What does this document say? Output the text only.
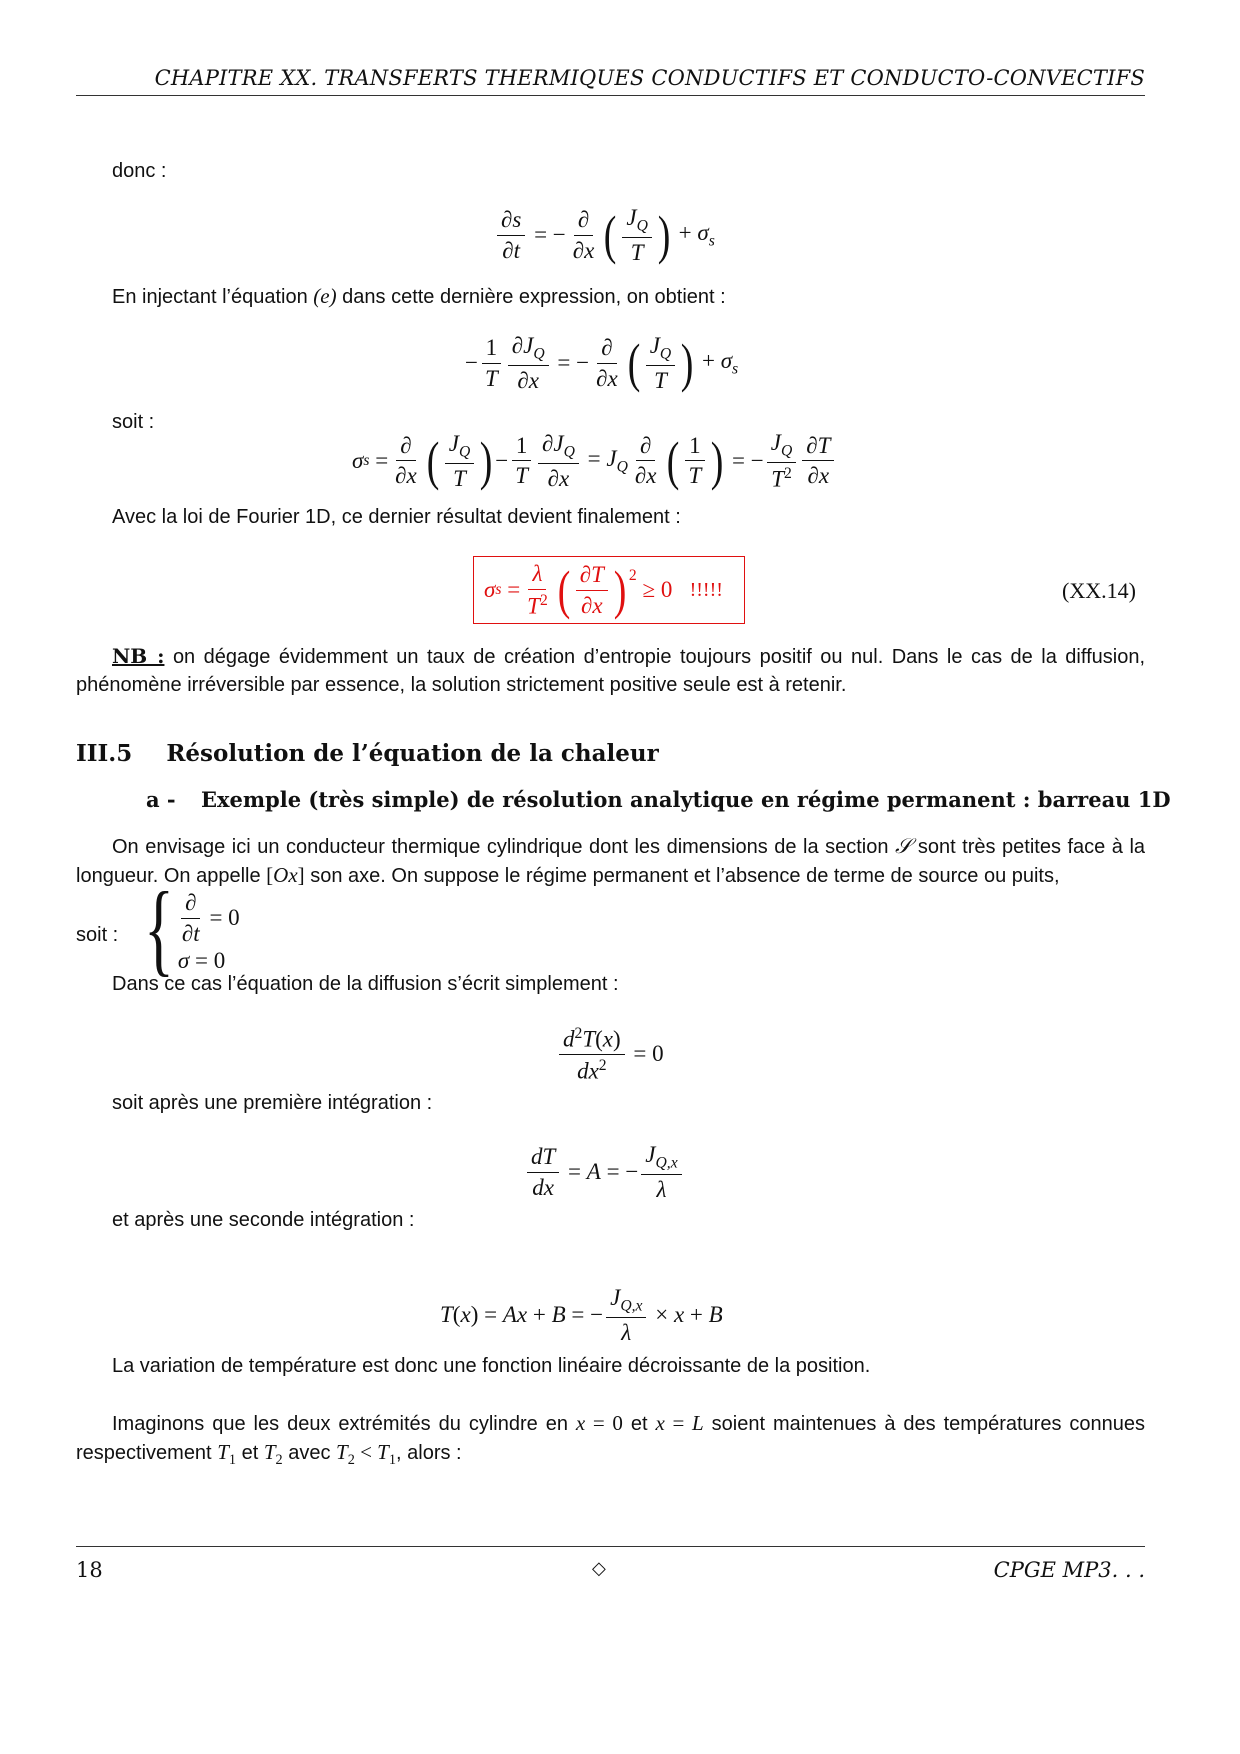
CHAPITRE XX. TRANSFERTS THERMIQUES CONDUCTIFS ET CONDUCTO-CONVECTIFS
donc :
$\frac{\partial s}{\partial t}$ = − $\frac{\partial}{\partial x}$ ( $\frac{J_Q}{T}$ ) + $\sigma_s$
En injectant l’équation (e) dans cette dernière expression, on obtient :
− $\frac{1}{T} \frac{\partial J_Q}{\partial x}$ = − $\frac{\partial}{\partial x}$ ( $\frac{J_Q}{T}$ ) + $\sigma_s$
soit :
σ $s = \frac{\partial}{\partial x}$ ( $\frac{J_Q}{T}$ ) − $\frac{1}{T} \frac{\partial J_Q}{\partial x} = J_Q \frac{\partial}{\partial x}$ ( $\frac{1}{T}$ ) = − $\frac{J_Q}{T^2} \frac{\partial T}{\partial x}$
Avec la loi de Fourier 1D, ce dernier résultat devient finalement :
σ $s = \frac{\lambda}{T^2}$ ( $\frac{\partial T}{\partial x} )^2$
≥ 0 !!!!!	(XX.14)
NB : on dégage évidemment un taux de création d’entropie toujours positif ou nul. Dans le cas de la diffusion, phénomène irréversible par essence, la solution strictement positive seule est à retenir.
III.5 Résolution de l’équation de la chaleur
a - Exemple (très simple) de résolution analytique en régime permanent : barreau 1D
On envisage ici un conducteur thermique cylindrique dont les dimensions de la section 𝒮 sont très petites face à la longueur. On appelle [Ox] son axe. On suppose le régime permanent et l’absence de terme de source ou puits,
soit : { $\frac{\partial}{\partial t} = 0$
σ = 0
Dans ce cas l’équation de la diffusion s’écrit simplement :
$\frac{d^2T(x)}{dx^2} = 0$
soit après une première intégration :
$\frac{dT}{dx} = A$ = − $\frac{J_{Q,x}}{\lambda}$
et après une seconde intégration :
T(x) = Ax + B = − $\frac{J_{Q,x}}{\lambda} \times x + B$
La variation de température est donc une fonction linéaire décroissante de la position.
Imaginons que les deux extrémités du cylindre en x = 0 et x = L soient maintenues à des températures connues respectivement $T_1$ et $T_2$ avec $T_2 < T_1$, alors :
18	◇	CPGE MP3. . .
